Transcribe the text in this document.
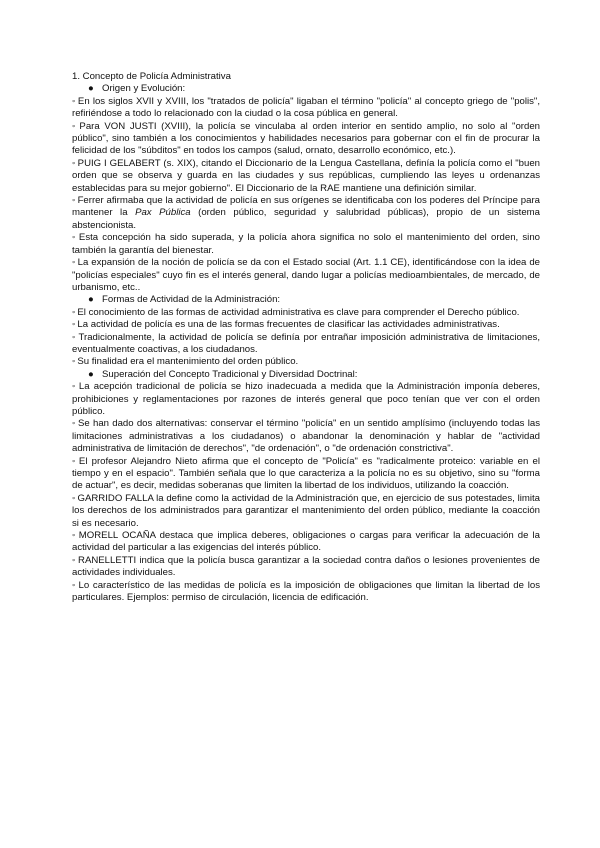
1. Concepto de Policía Administrativa

● Origen y Evolución:

◦ En los siglos XVII y XVIII, los "tratados de policía" ligaban el término "policía" al concepto griego de "polis", refiriéndose a todo lo relacionado con la ciudad o la cosa pública en general.

◦ Para VON JUSTI (XVIII), la policía se vinculaba al orden interior en sentido amplio, no solo al "orden público", sino también a los conocimientos y habilidades necesarios para gobernar con el fin de procurar la felicidad de los "súbditos" en todos los campos (salud, ornato, desarrollo económico, etc.).

◦ PUIG I GELABERT (s. XIX), citando el Diccionario de la Lengua Castellana, definía la policía como el "buen orden que se observa y guarda en las ciudades y sus repúblicas, cumpliendo las leyes u ordenanzas establecidas para su mejor gobierno". El Diccionario de la RAE mantiene una definición similar.

◦ Ferrer afirmaba que la actividad de policía en sus orígenes se identificaba con los poderes del Príncipe para mantener la Pax Pública (orden público, seguridad y salubridad públicas), propio de un sistema abstencionista.

◦ Esta concepción ha sido superada, y la policía ahora significa no solo el mantenimiento del orden, sino también la garantía del bienestar.

◦ La expansión de la noción de policía se da con el Estado social (Art. 1.1 CE), identificándose con la idea de "policías especiales" cuyo fin es el interés general, dando lugar a policías medioambientales, de mercado, de urbanismo, etc..

● Formas de Actividad de la Administración:

◦ El conocimiento de las formas de actividad administrativa es clave para comprender el Derecho público.

◦ La actividad de policía es una de las formas frecuentes de clasificar las actividades administrativas.

◦ Tradicionalmente, la actividad de policía se definía por entrañar imposición administrativa de limitaciones, eventualmente coactivas, a los ciudadanos.

◦ Su finalidad era el mantenimiento del orden público.

● Superación del Concepto Tradicional y Diversidad Doctrinal:

◦ La acepción tradicional de policía se hizo inadecuada a medida que la Administración imponía deberes, prohibiciones y reglamentaciones por razones de interés general que poco tenían que ver con el orden público.

◦ Se han dado dos alternativas: conservar el término "policía" en un sentido amplísimo (incluyendo todas las limitaciones administrativas a los ciudadanos) o abandonar la denominación y hablar de "actividad administrativa de limitación de derechos", "de ordenación", o "de ordenación constrictiva".

◦ El profesor Alejandro Nieto afirma que el concepto de "Policía" es "radicalmente proteico: variable en el tiempo y en el espacio". También señala que lo que caracteriza a la policía no es su objetivo, sino su "forma de actuar", es decir, medidas soberanas que limiten la libertad de los individuos, utilizando la coacción.

◦ GARRIDO FALLA la define como la actividad de la Administración que, en ejercicio de sus potestades, limita los derechos de los administrados para garantizar el mantenimiento del orden público, mediante la coacción si es necesario.

◦ MORELL OCAÑA destaca que implica deberes, obligaciones o cargas para verificar la adecuación de la actividad del particular a las exigencias del interés público.

◦ RANELLETTI indica que la policía busca garantizar a la sociedad contra daños o lesiones provenientes de actividades individuales.

◦ Lo característico de las medidas de policía es la imposición de obligaciones que limitan la libertad de los particulares. Ejemplos: permiso de circulación, licencia de edificación.
